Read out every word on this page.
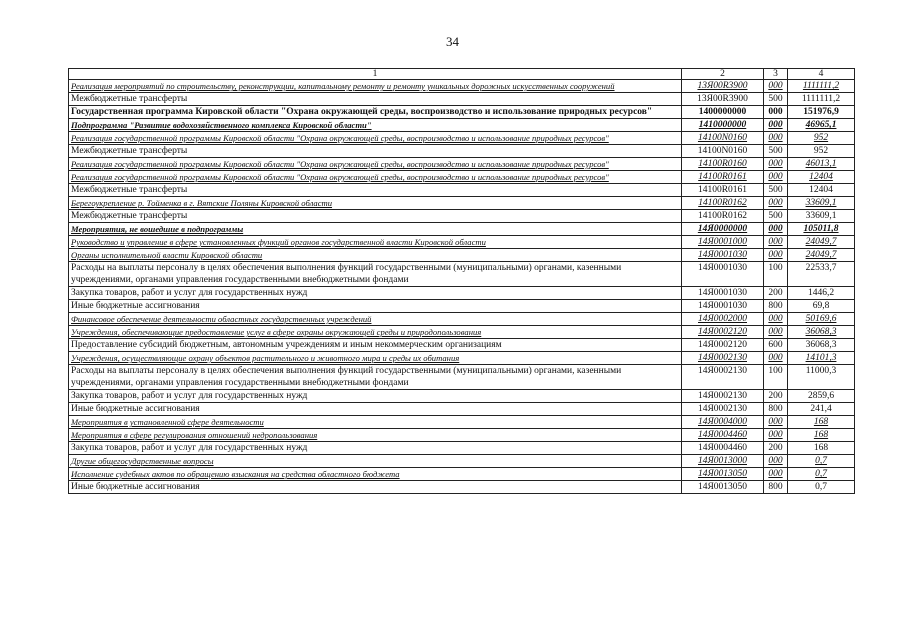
34
1	2	3	4
Реализация мероприятий по строительству, реконструкции, капитальному ремонту и ремонту уникальных дорожных искусственных сооружений	13Я00R3900	000	1111111,2
Межбюджетные трансферты	13Я00R3900	500	1111111,2
Государственная программа Кировской области "Охрана окружающей среды, воспроизводство и использование природных ресурсов"	1400000000	000	151976,9
Подпрограмма "Развитие водохозяйственного комплекса Кировской области"	1410000000	000	46965,1
Реализация государственной программы Кировской области "Охрана окружающей среды, воспроизводство и использование природных ресурсов"	14100N0160	000	952
Межбюджетные трансферты	14100N0160	500	952
Реализация государственной программы Кировской области "Охрана окружающей среды, воспроизводство и использование природных ресурсов"	14100R0160	000	46013,1
Реализация государственной программы Кировской области "Охрана окружающей среды, воспроизводство и использование природных ресурсов"	14100R0161	000	12404
Межбюджетные трансферты	14100R0161	500	12404
Берегоукрепление р. Тойменка в г. Вятские Поляны Кировской области	14100R0162	000	33609,1
Межбюджетные трансферты	14100R0162	500	33609,1
Мероприятия, не вошедшие в подпрограммы	14Я0000000	000	105011,8
Руководство и управление в сфере установленных функций органов государственной власти Кировской области	14Я0001000	000	24049,7
Органы исполнительной власти Кировской области	14Я0001030	000	24049,7
Расходы на выплаты персоналу в целях обеспечения выполнения функций государственными (муниципальными) органами, казенными учреждениями, органами управления государственными внебюджетными фондами	14Я0001030	100	22533,7
Закупка товаров, работ и услуг для государственных нужд	14Я0001030	200	1446,2
Иные бюджетные ассигнования	14Я0001030	800	69,8
Финансовое обеспечение деятельности областных государственных учреждений	14Я0002000	000	50169,6
Учреждения, обеспечивающие предоставление услуг в сфере охраны окружающей среды и природопользования	14Я0002120	000	36068,3
Предоставление субсидий бюджетным, автономным учреждениям и иным некоммерческим организациям	14Я0002120	600	36068,3
Учреждения, осуществляющие охрану объектов растительного и животного мира и среды их обитания	14Я0002130	000	14101,3
Расходы на выплаты персоналу в целях обеспечения выполнения функций государственными (муниципальными) органами, казенными учреждениями, органами управления государственными внебюджетными фондами	14Я0002130	100	11000,3
Закупка товаров, работ и услуг для государственных нужд	14Я0002130	200	2859,6
Иные бюджетные ассигнования	14Я0002130	800	241,4
Мероприятия в установленной сфере деятельности	14Я0004000	000	168
Мероприятия в сфере регулирования отношений недропользования	14Я0004460	000	168
Закупка товаров, работ и услуг для государственных нужд	14Я0004460	200	168
Другие общегосударственные вопросы	14Я0013000	000	0,7
Исполнение судебных актов по обращению взыскания на средства областного бюджета	14Я0013050	000	0,7
Иные бюджетные ассигнования	14Я0013050	800	0,7
